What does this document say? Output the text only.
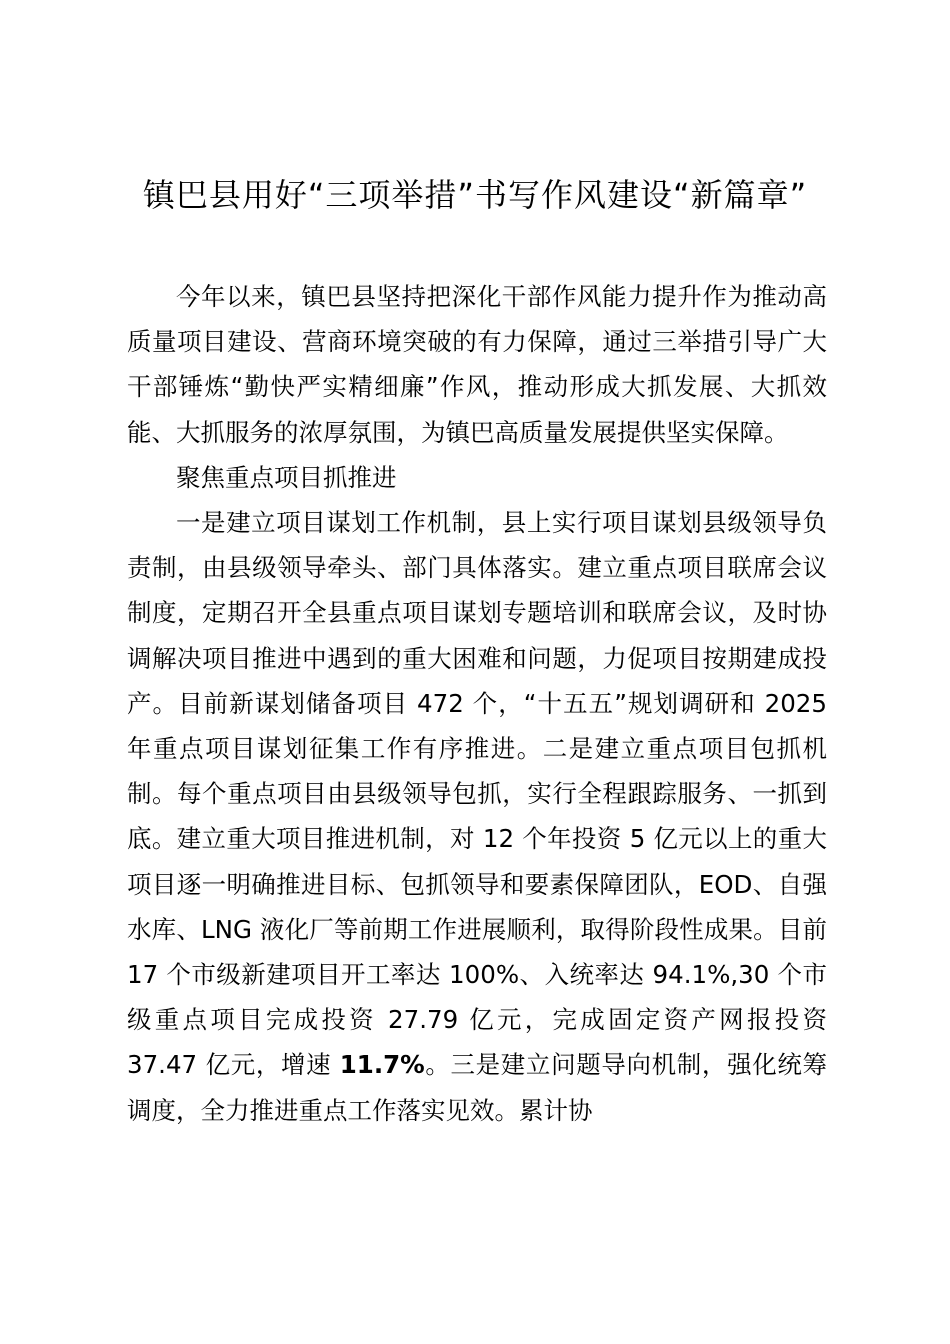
镇巴县用好“三项举措”书写作风建设“新篇章”

今年以来，镇巴县坚持把深化干部作风能力提升作为推动高质量项目建设、营商环境突破的有力保障，通过三举措引导广大干部锤炼“勤快严实精细廉”作风，推动形成大抓发展、大抓效能、大抓服务的浓厚氛围，为镇巴高质量发展提供坚实保障。

聚焦重点项目抓推进

一是建立项目谋划工作机制，县上实行项目谋划县级领导负责制，由县级领导牵头、部门具体落实。建立重点项目联席会议制度，定期召开全县重点项目谋划专题培训和联席会议，及时协调解决项目推进中遇到的重大困难和问题，力促项目按期建成投产。目前新谋划储备项目 472 个，“十五五”规划调研和 2025 年重点项目谋划征集工作有序推进。二是建立重点项目包抓机制。每个重点项目由县级领导包抓，实行全程跟踪服务、一抓到底。建立重大项目推进机制，对 12 个年投资 5 亿元以上的重大项目逐一明确推进目标、包抓领导和要素保障团队，EOD、自强水库、LNG 液化厂等前期工作进展顺利，取得阶段性成果。目前 17 个市级新建项目开工率达 100%、入统率达 94.1%,30 个市级重点项目完成投资 27.79 亿元，完成固定资产网报投资 37.47 亿元，增速 11.7%。三是建立问题导向机制，强化统筹调度，全力推进重点工作落实见效。累计协
